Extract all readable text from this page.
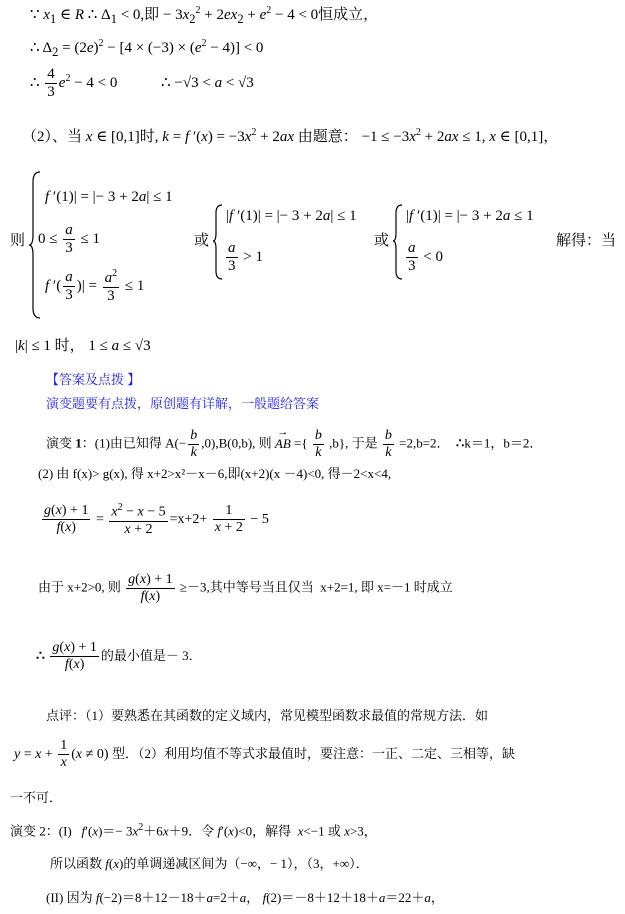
∵ $x_1$ ∈ R ∴ $\Delta_1 < 0$,即 − $3x_2^2 + 2ex_2 + e^2 - 4 < 0$恒成立，
∴ $\Delta_2 = (2e)^2 - [4 \times (-3) \times (e^2 - 4)] < 0$
∴ $\frac{4}{3} e^2 - 4 < 0$	∴ −√3 < a < √3
（2）、当 x ∈ [0,1]时, k = f $'(x) = -3x^2 + 2ax$ 由题意： $-1 \le -3x^2 + 2ax \le 1$, x ∈ [0,1]，
则
f ′(1)| = |− 3 + 2a| ≤ 1
$0 \le \frac{a}{3} \le 1$
f ′( $\frac{a}{3}$ )| = $\frac{a^2}{3} \le 1$
或
|f ′(1)| = |− 3 + 2a| ≤ 1
$\frac{a}{3} > 1$
或
|f ′(1)| = |− 3 + 2a ≤ 1
$\frac{a}{3} < 0$
解得：当
|k| ≤ 1 时， 1 ≤ a ≤ √3
【答案及点拨 】
演变题要有点拨，原创题有详解，一般题给答案
演变 1：(1)由已知得 $A(- \frac{b}{k} ,0),B(0,b)$, 则
→
AB ={ $\frac{b}{k} ,b$}, 于是 $\frac{b}{k} =2,b=2$．  ∴k＝1，b＝2．
(2) 由 f(x)> g(x), 得 x+2>x²－x－6,即(x+2)(x －4)<0, 得－2<x<4,
$\frac{g(x) + 1}{f(x)} = \frac{x^2 - x - 5}{x + 2} =x+2+ \frac{1}{x + 2} - 5$
由于 x+2>0, 则 $\frac{g(x) + 1}{f(x)} \ge-3$,其中等号当且仅当  x+2=1, 即 x=－1 时成立
∴ $\frac{g(x) + 1}{f(x)}$ 的最小值是－ 3．
点评：（1）要熟悉在其函数的定义域内，常见模型函数求最值的常规方法．如
$y = x + \frac{1}{x} (x \ne 0)$ 型．（2）利用均值不等式求最值时，要注意：一正、二定、三相等，缺
一不可．
演变 2：(I)   $f'(x)=- 3x^2+6x+9$．令 f′(x)<0，解得  x<−1 或 x>3，
所以函数 f(x)的单调递减区间为（−∞，− 1），（3，+∞）．
(II) 因为 f(−2)＝8＋12－18＋a=2＋a， f(2)＝－8＋12＋18＋a＝22＋a，
